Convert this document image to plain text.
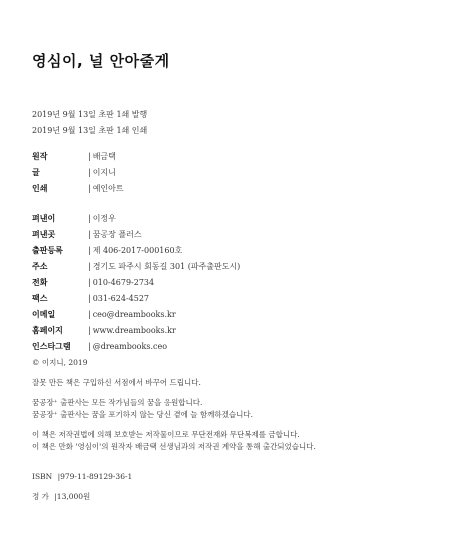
영심이, 널 안아줄게
2019년 9월 13일 초판 1쇄 발행
2019년 9월 13일 초판 1쇄 인쇄
원작	| 배금택
글	| 이지니
인쇄	| 예인아트
펴낸이	| 이정우
펴낸곳	| 꿈공장 플러스
출판등록	| 제 406-2017-000160호
주소	| 경기도 파주시 회동길 301 (파주출판도시)
전화	| 010-4679-2734
팩스	| 031-624-4527
이메일	| ceo@dreambooks.kr
홈페이지	| www.dreambooks.kr
인스타그램 | @dreambooks.ceo
© 이지니, 2019
잘못 만든 책은 구입하신 서점에서 바꾸어 드립니다.
꿈공장⁺ 출판사는 모든 작가님들의 꿈을 응원합니다.
꿈공장⁺ 출판사는 꿈을 포기하지 않는 당신 곁에 늘 함께하겠습니다.
이 책은 저작권법에 의해 보호받는 저작물이므로 무단전재와 무단복제를 금합니다.
이 책은 만화 '영심이'의 원작자 배금택 선생님과의 저작권 계약을 통해 출간되었습니다.
ISBN |979-11-89129-36-1
정 가 |13,000원
